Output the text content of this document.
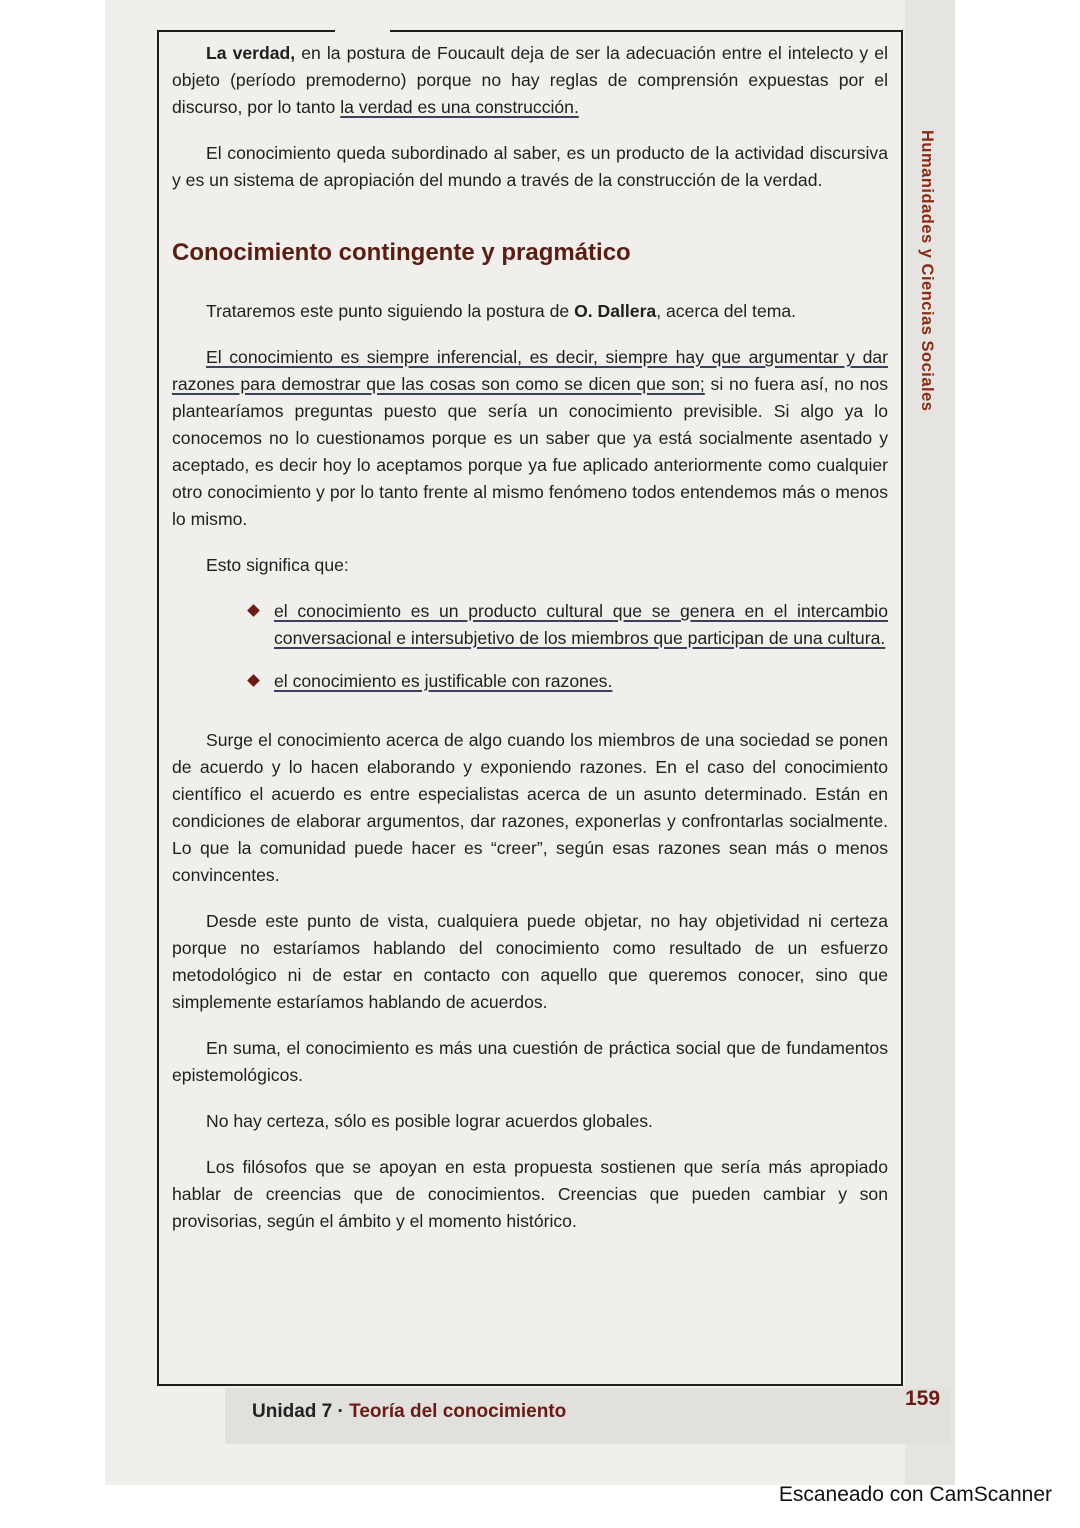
La verdad, en la postura de Foucault deja de ser la adecuación entre el intelecto y el objeto (período premoderno) porque no hay reglas de comprensión expuestas por el discurso, por lo tanto la verdad es una construcción.

El conocimiento queda subordinado al saber, es un producto de la actividad discursiva y es un sistema de apropiación del mundo a través de la construcción de la verdad.

Conocimiento contingente y pragmático

Trataremos este punto siguiendo la postura de O. Dallera, acerca del tema.

El conocimiento es siempre inferencial, es decir, siempre hay que argumentar y dar razones para demostrar que las cosas son como se dicen que son; si no fuera así, no nos plantearíamos preguntas puesto que sería un conocimiento previsible. Si algo ya lo conocemos no lo cuestionamos porque es un saber que ya está socialmente asentado y aceptado, es decir hoy lo aceptamos porque ya fue aplicado anteriormente como cualquier otro conocimiento y por lo tanto frente al mismo fenómeno todos entendemos más o menos lo mismo.

Esto significa que:

el conocimiento es un producto cultural que se genera en el intercambio conversacional e intersubjetivo de los miembros que participan de una cultura.
el conocimiento es justificable con razones.

Surge el conocimiento acerca de algo cuando los miembros de una sociedad se ponen de acuerdo y lo hacen elaborando y exponiendo razones. En el caso del conocimiento científico el acuerdo es entre especialistas acerca de un asunto determinado. Están en condiciones de elaborar argumentos, dar razones, exponerlas y confrontarlas socialmente. Lo que la comunidad puede hacer es “creer”, según esas razones sean más o menos convincentes.

Desde este punto de vista, cualquiera puede objetar, no hay objetividad ni certeza porque no estaríamos hablando del conocimiento como resultado de un esfuerzo metodológico ni de estar en contacto con aquello que queremos conocer, sino que simplemente estaríamos hablando de acuerdos.

En suma, el conocimiento es más una cuestión de práctica social que de fundamentos epistemológicos.

No hay certeza, sólo es posible lograr acuerdos globales.

Los filósofos que se apoyan en esta propuesta sostienen que sería más apropiado hablar de creencias que de conocimientos. Creencias que pueden cambiar y son provisorias, según el ámbito y el momento histórico.

Humanidades y Ciencias Sociales
Unidad 7 · Teoría del conocimiento
159
Escaneado con CamScanner
